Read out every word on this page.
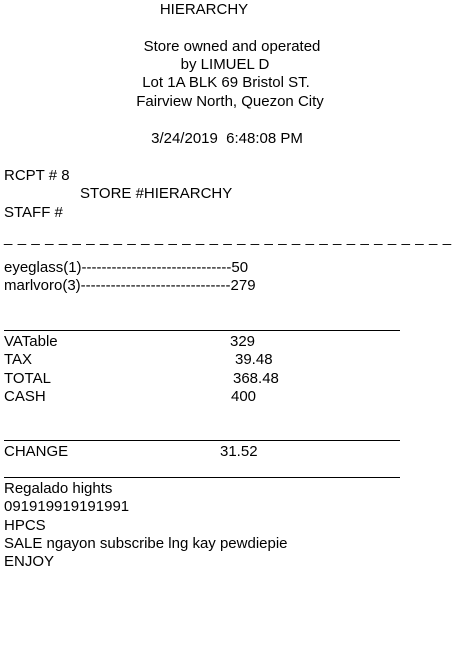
HIERARCHY
Store owned and operated
by LIMUEL D
Lot 1A BLK 69 Bristol ST.
Fairview North, Quezon City
3/24/2019  6:48:08 PM
RCPT # 8
STORE #HIERARCHY
STAFF #
_ _ _ _ _ _ _ _ _ _ _ _ _ _ _ _ _ _ _ _ _ _ _ _ _ _ _ _ _ _ _ _ _
eyeglass(1)------------------------------50
marlvoro(3)------------------------------279
VATable	329
TAX	39.48
TOTAL	368.48
CASH	400
CHANGE	31.52
Regalado hights
091919919191991
HPCS
SALE ngayon subscribe lng kay pewdiepie
ENJOY
